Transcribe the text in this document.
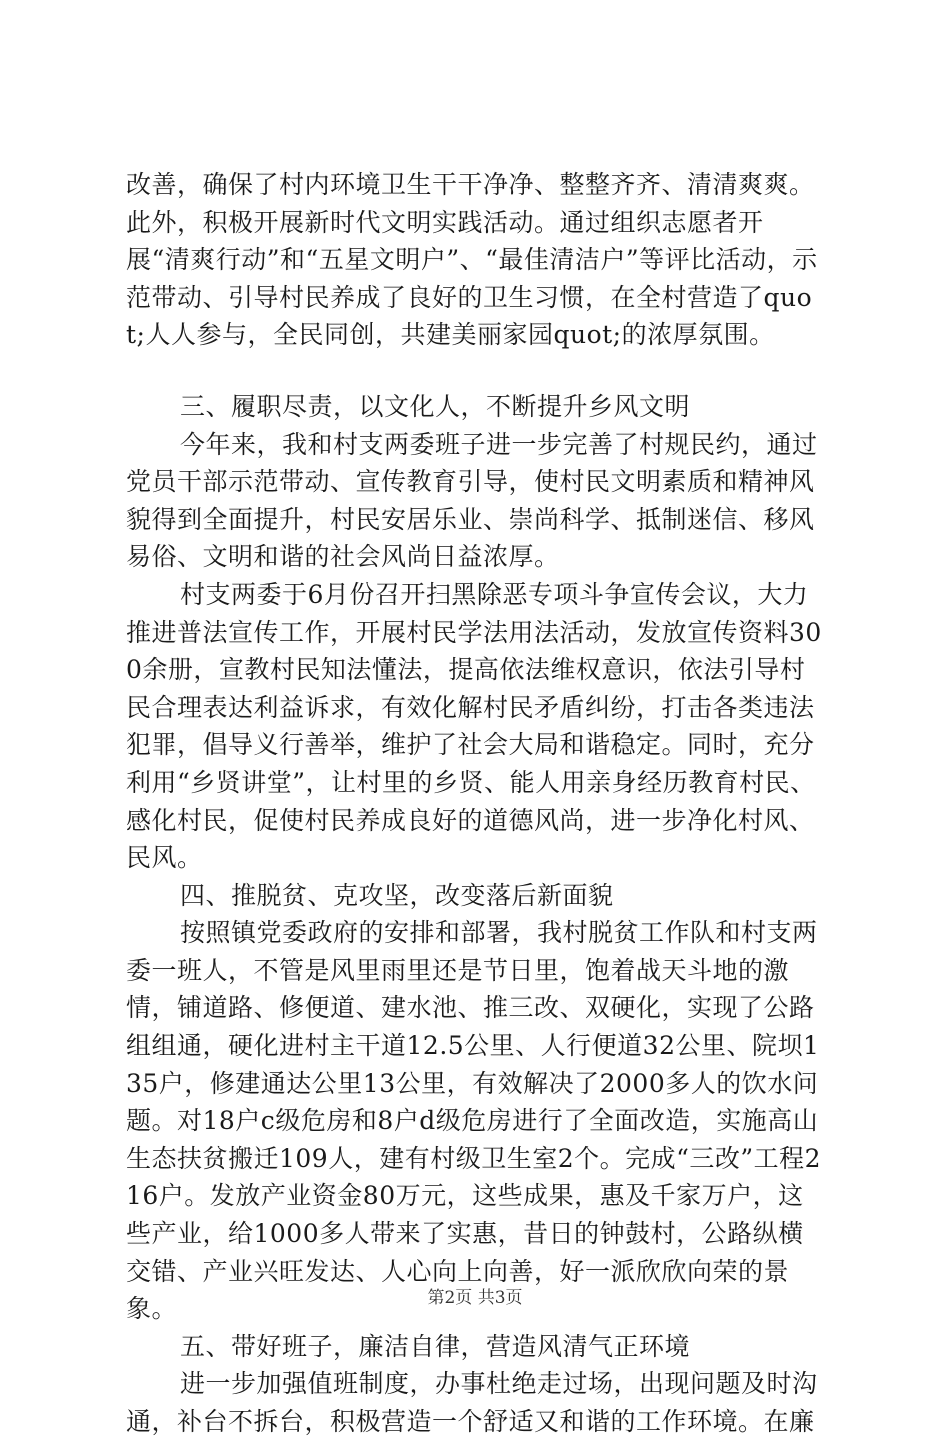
改善，确保了村内环境卫生干干净净、整整齐齐、清清爽爽。此外，积极开展新时代文明实践活动。通过组织志愿者开展“清爽行动”和“五星文明户”、“最佳清洁户”等评比活动，示范带动、引导村民养成了良好的卫生习惯，在全村营造了quot;人人参与，全民同创，共建美丽家园quot;的浓厚氛围。

三、履职尽责，以文化人，不断提升乡风文明

今年来，我和村支两委班子进一步完善了村规民约，通过党员干部示范带动、宣传教育引导，使村民文明素质和精神风貌得到全面提升，村民安居乐业、崇尚科学、抵制迷信、移风易俗、文明和谐的社会风尚日益浓厚。

村支两委于6月份召开扫黑除恶专项斗争宣传会议，大力推进普法宣传工作，开展村民学法用法活动，发放宣传资料300余册，宣教村民知法懂法，提高依法维权意识，依法引导村民合理表达利益诉求，有效化解村民矛盾纠纷，打击各类违法犯罪，倡导义行善举，维护了社会大局和谐稳定。同时，充分利用“乡贤讲堂”，让村里的乡贤、能人用亲身经历教育村民、感化村民，促使村民养成良好的道德风尚，进一步净化村风、民风。

四、推脱贫、克攻坚，改变落后新面貌

按照镇党委政府的安排和部署，我村脱贫工作队和村支两委一班人，不管是风里雨里还是节日里，饱着战天斗地的激情，铺道路、修便道、建水池、推三改、双硬化，实现了公路组组通，硬化进村主干道12.5公里、人行便道32公里、院坝135户，修建通达公里13公里，有效解决了2000多人的饮水问题。对18户c级危房和8户d级危房进行了全面改造，实施高山生态扶贫搬迁109人，建有村级卫生室2个。完成“三改”工程216户。发放产业资金80万元，这些成果，惠及千家万户，这些产业，给1000多人带来了实惠，昔日的钟鼓村，公路纵横交错、产业兴旺发达、人心向上向善，好一派欣欣向荣的景象。

五、带好班子，廉洁自律，营造风清气正环境

进一步加强值班制度，办事杜绝走过场，出现问题及时沟通，补台不拆台，积极营造一个舒适又和谐的工作环境。在廉

第2页 共3页
